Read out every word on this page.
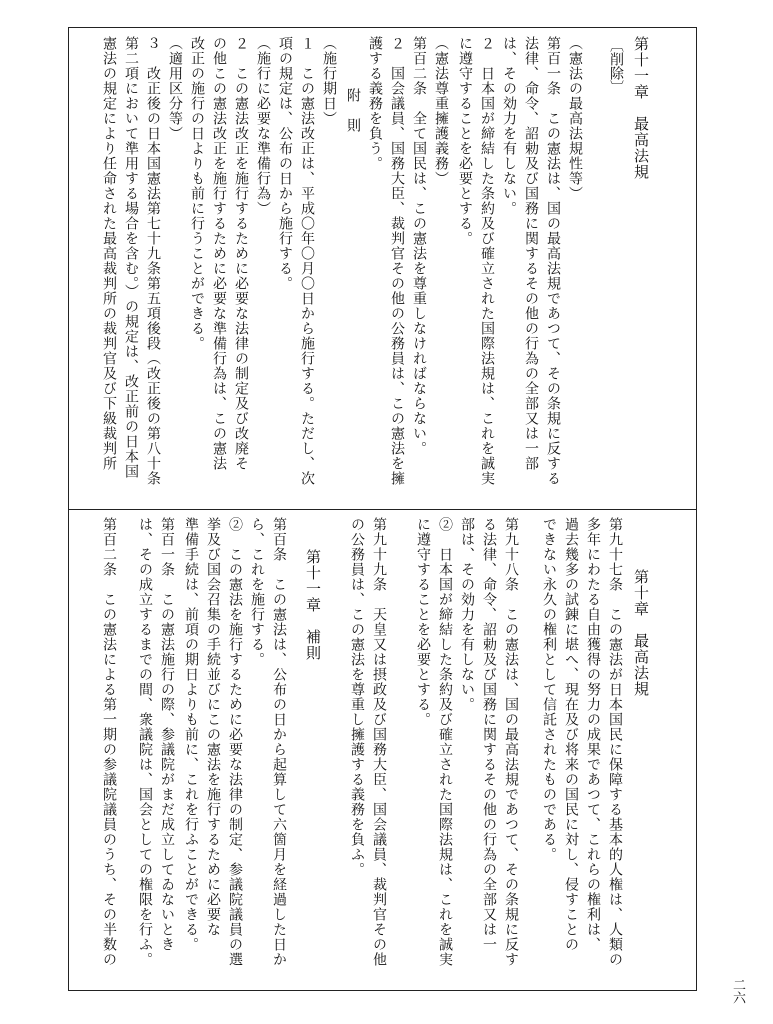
第十一章　最高法規
〔削除〕
（憲法の最高法規性等）
第百一条　この憲法は、国の最高法規であつて、その条規に反する
法律、命令、詔勅及び国務に関するその他の行為の全部又は一部
は、その効力を有しない。
２　日本国が締結した条約及び確立された国際法規は、これを誠実
に遵守することを必要とする。
（憲法尊重擁護義務）
第百二条　全て国民は、この憲法を尊重しなければならない。
２　国会議員、国務大臣、裁判官その他の公務員は、この憲法を擁
護する義務を負う。
附　則
（施行期日）
１　この憲法改正は、平成〇年〇月〇日から施行する。ただし、次
項の規定は、公布の日から施行する。
（施行に必要な準備行為）
２　この憲法改正を施行するために必要な法律の制定及び改廃そ
の他この憲法改正を施行するために必要な準備行為は、この憲法
改正の施行の日よりも前に行うことができる。
（適用区分等）
３　改正後の日本国憲法第七十九条第五項後段（改正後の第八十条
第二項において準用する場合を含む。）の規定は、改正前の日本国
憲法の規定により任命された最高裁判所の裁判官及び下級裁判所
第十章　最高法規
第九十七条　この憲法が日本国民に保障する基本的人権は、人類の
多年にわたる自由獲得の努力の成果であつて、これらの権利は、
過去幾多の試錬に堪へ、現在及び将来の国民に対し、侵すことの
できない永久の権利として信託されたものである。
第九十八条　この憲法は、国の最高法規であつて、その条規に反す
る法律、命令、詔勅及び国務に関するその他の行為の全部又は一
部は、その効力を有しない。
②　日本国が締結した条約及び確立された国際法規は、これを誠実
に遵守することを必要とする。
第九十九条　天皇又は摂政及び国務大臣、国会議員、裁判官その他
の公務員は、この憲法を尊重し擁護する義務を負ふ。
第十一章　補則
第百条　この憲法は、公布の日から起算して六箇月を経過した日か
ら、これを施行する。
②　この憲法を施行するために必要な法律の制定、参議院議員の選
挙及び国会召集の手続並びにこの憲法を施行するために必要な
準備手続は、前項の期日よりも前に、これを行ふことができる。
第百一条　この憲法施行の際、参議院がまだ成立してゐないとき
は、その成立するまでの間、衆議院は、国会としての権限を行ふ。
第百二条　この憲法による第一期の参議院議員のうち、その半数の
二六
